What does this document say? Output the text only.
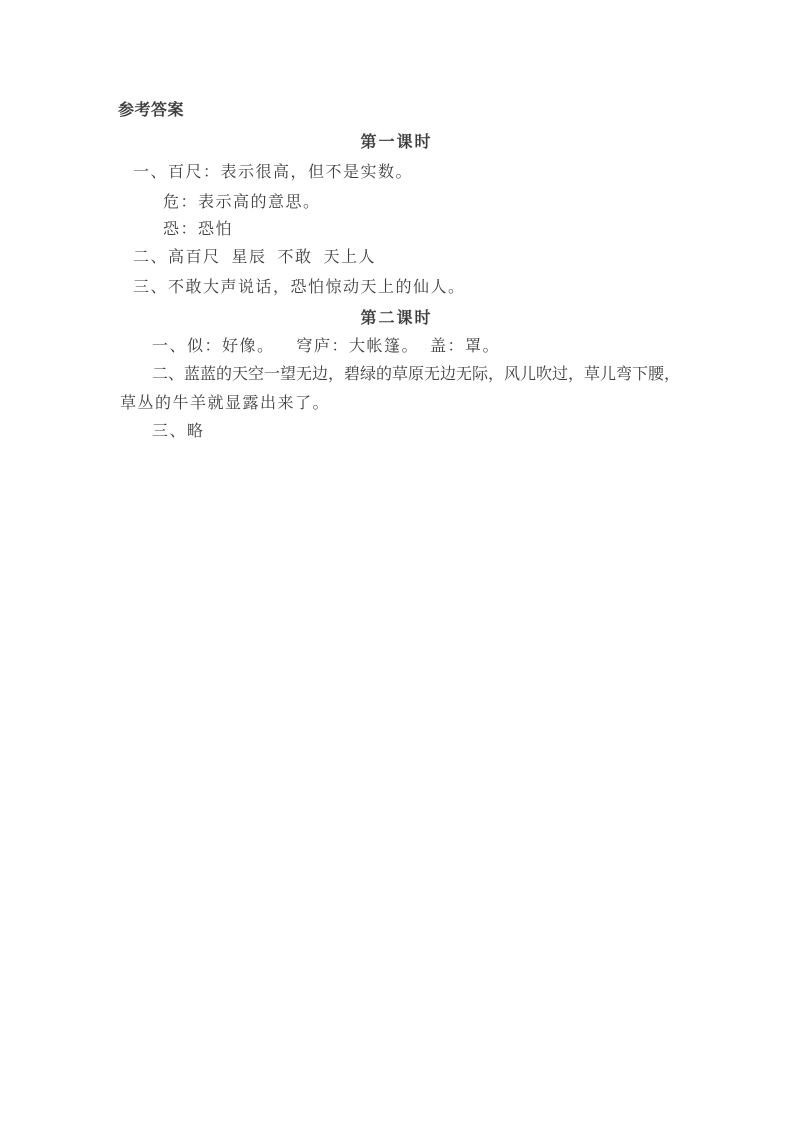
参考答案
第一课时
一、百尺：表示很高，但不是实数。
危：表示高的意思。
恐：恐怕
二、高百尺  星辰  不敢  天上人
三、不敢大声说话，恐怕惊动天上的仙人。
第二课时
一、似：好像。    穹庐：大帐篷。  盖：罩。
二、蓝蓝的天空一望无边，碧绿的草原无边无际，风儿吹过，草儿弯下腰，
草丛的牛羊就显露出来了。
三、略
